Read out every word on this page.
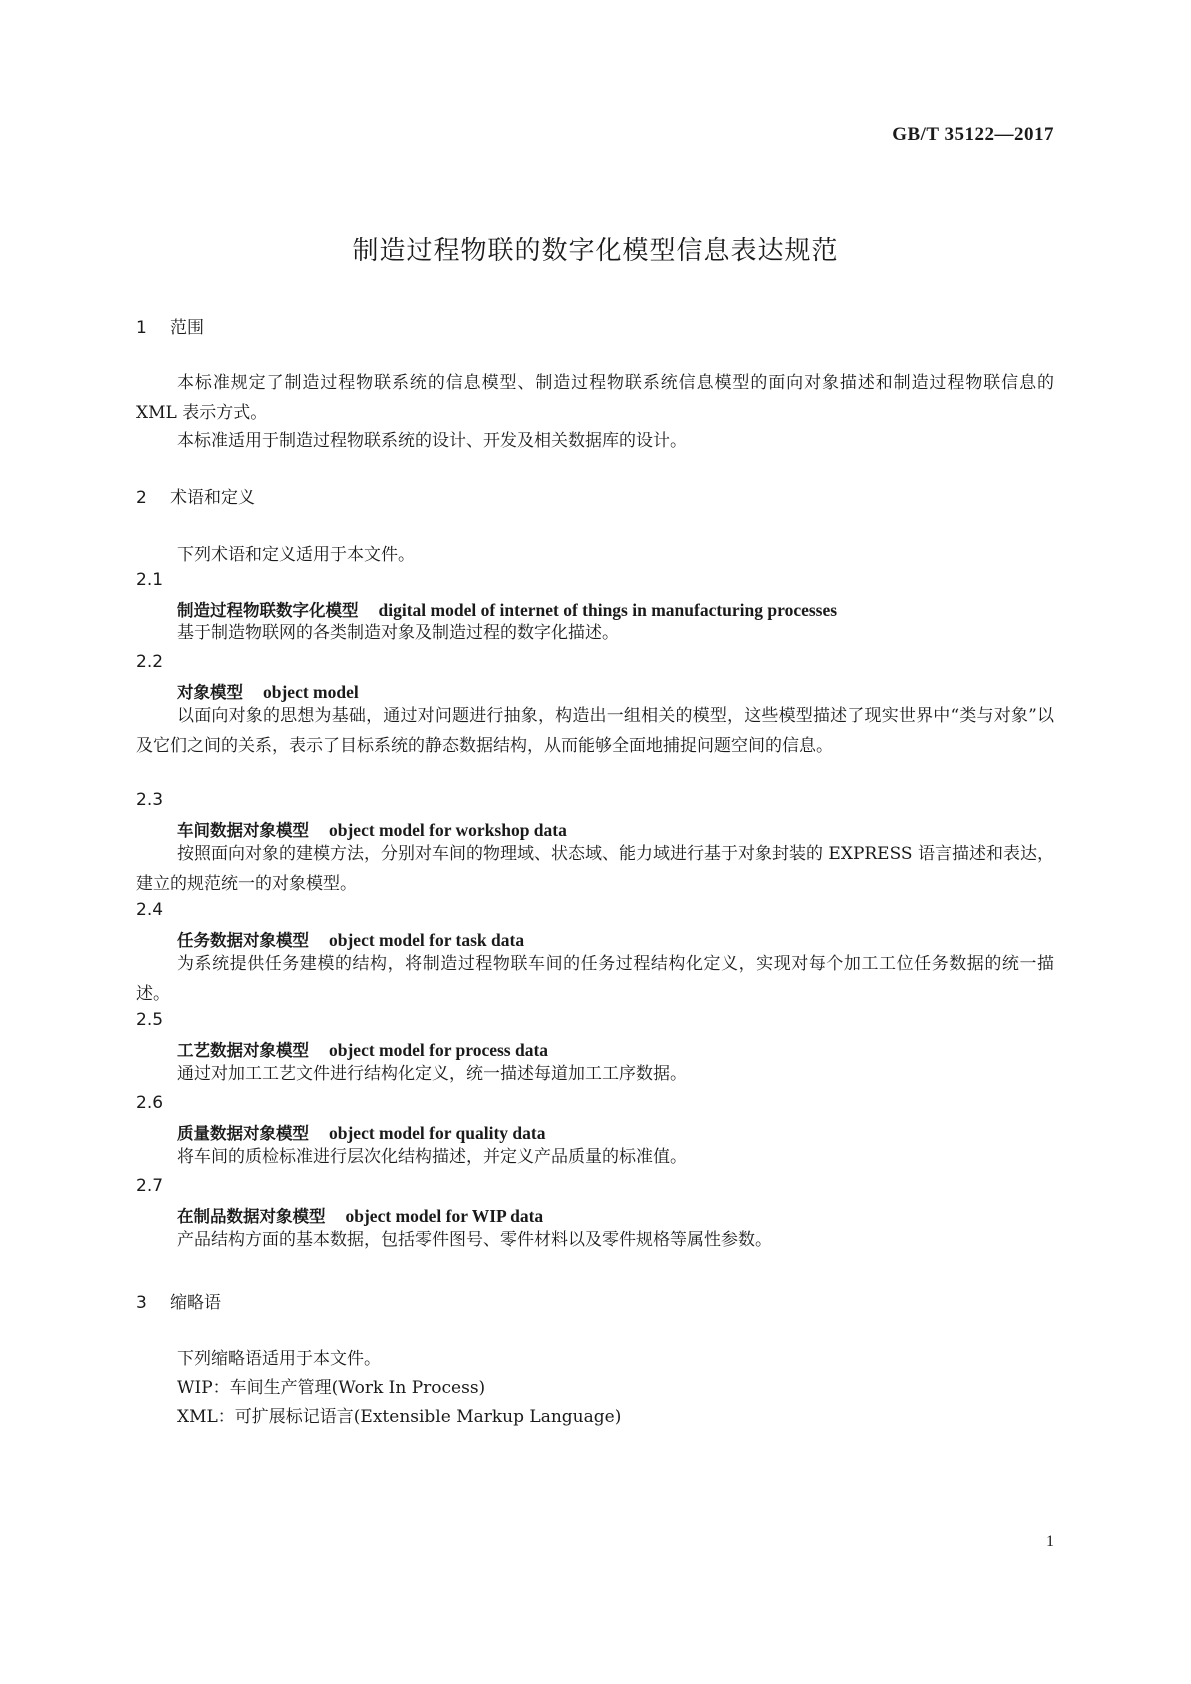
GB/T 35122—2017
制造过程物联的数字化模型信息表达规范
1 范围

本标准规定了制造过程物联系统的信息模型、制造过程物联系统信息模型的面向对象描述和制造过程物联信息的 XML 表示方式。

本标准适用于制造过程物联系统的设计、开发及相关数据库的设计。

2 术语和定义
下列术语和定义适用于本文件。
2.1
制造过程物联数字化模型 digital model of internet of things in manufacturing processes

基于制造物联网的各类制造对象及制造过程的数字化描述。

2.2
对象模型 object model

以面向对象的思想为基础，通过对问题进行抽象，构造出一组相关的模型，这些模型描述了现实世界中“类与对象”以及它们之间的关系，表示了目标系统的静态数据结构，从而能够全面地捕捉问题空间的信息。

2.3
车间数据对象模型 object model for workshop data

按照面向对象的建模方法，分别对车间的物理域、状态域、能力域进行基于对象封装的 EXPRESS 语言描述和表达，建立的规范统一的对象模型。

2.4
任务数据对象模型 object model for task data

为系统提供任务建模的结构，将制造过程物联车间的任务过程结构化定义，实现对每个加工工位任务数据的统一描述。

2.5
工艺数据对象模型 object model for process data

通过对加工工艺文件进行结构化定义，统一描述每道加工工序数据。

2.6
质量数据对象模型 object model for quality data

将车间的质检标准进行层次化结构描述，并定义产品质量的标准值。

2.7
在制品数据对象模型 object model for WIP data

产品结构方面的基本数据，包括零件图号、零件材料以及零件规格等属性参数。

3 缩略语
下列缩略语适用于本文件。
WIP：车间生产管理(Work In Process)
XML：可扩展标记语言(Extensible Markup Language)
1
